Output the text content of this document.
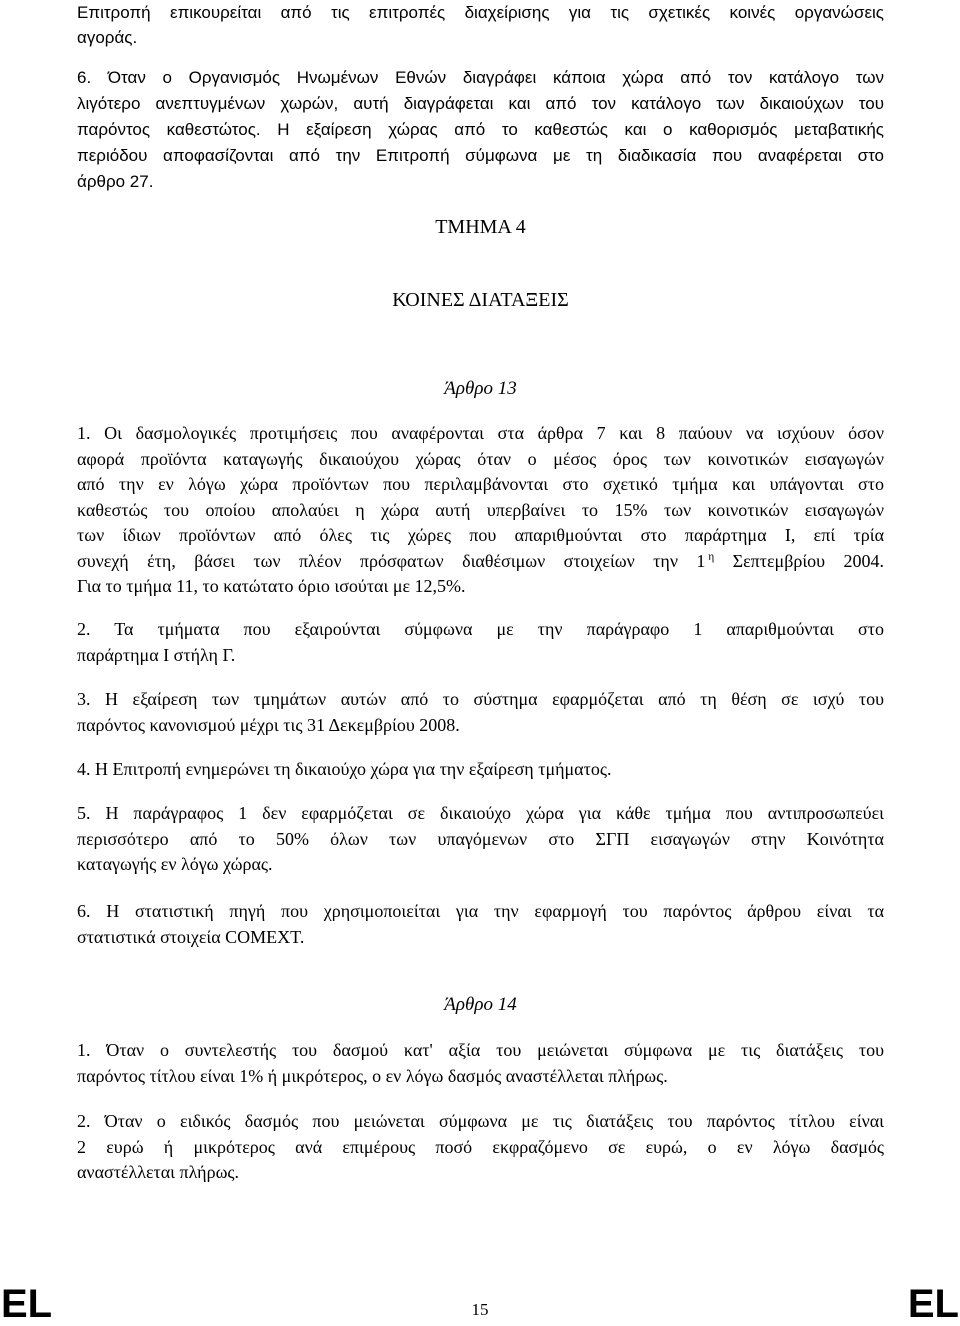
Επιτροπή επικουρείται από τις επιτροπές διαχείρισης για τις σχετικές κοινές οργανώσεις
αγοράς.
6. Όταν ο Οργανισμός Ηνωμένων Εθνών διαγράφει κάποια χώρα από τον κατάλογο των
λιγότερο ανεπτυγμένων χωρών, αυτή διαγράφεται και από τον κατάλογο των δικαιούχων του
παρόντος καθεστώτος. Η εξαίρεση χώρας από το καθεστώς και ο καθορισμός μεταβατικής
περιόδου αποφασίζονται από την Επιτροπή σύμφωνα με τη διαδικασία που αναφέρεται στο
άρθρο 27.
ΤΜΗΜΑ 4
ΚΟΙΝΕΣ ΔΙΑΤΑΞΕΙΣ
Άρθρο 13
1. Οι δασμολογικές προτιμήσεις που αναφέρονται στα άρθρα 7 και 8 παύουν να ισχύουν όσον
αφορά προϊόντα καταγωγής δικαιούχου χώρας όταν ο μέσος όρος των κοινοτικών εισαγωγών
από την εν λόγω χώρα προϊόντων που περιλαμβάνονται στο σχετικό τμήμα και υπάγονται στο
καθεστώς του οποίου απολαύει η χώρα αυτή υπερβαίνει το 15% των κοινοτικών εισαγωγών
των ίδιων προϊόντων από όλες τις χώρες που απαριθμούνται στο παράρτημα Ι, επί τρία
συνεχή έτη, βάσει των πλέον πρόσφατων διαθέσιμων στοιχείων την 1 $^\eta$ Σεπτεμβρίου 2004.
Για το τμήμα 11, το κατώτατο όριο ισούται με 12,5%.
2. Τα τμήματα που εξαιρούνται σύμφωνα με την παράγραφο 1 απαριθμούνται στο
παράρτημα Ι στήλη Γ.
3. Η εξαίρεση των τμημάτων αυτών από το σύστημα εφαρμόζεται από τη θέση σε ισχύ του
παρόντος κανονισμού μέχρι τις 31 Δεκεμβρίου 2008.
4. Η Επιτροπή ενημερώνει τη δικαιούχο χώρα για την εξαίρεση τμήματος.
5. Η παράγραφος 1 δεν εφαρμόζεται σε δικαιούχο χώρα για κάθε τμήμα που αντιπροσωπεύει
περισσότερο από το 50% όλων των υπαγόμενων στο ΣΓΠ εισαγωγών στην Κοινότητα
καταγωγής εν λόγω χώρας.
6. Η στατιστική πηγή που χρησιμοποιείται για την εφαρμογή του παρόντος άρθρου είναι τα
στατιστικά στοιχεία COMEXT.
Άρθρο 14
1. Όταν ο συντελεστής του δασμού κατ' αξία του μειώνεται σύμφωνα με τις διατάξεις του
παρόντος τίτλου είναι 1% ή μικρότερος, ο εν λόγω δασμός αναστέλλεται πλήρως.
2. Όταν ο ειδικός δασμός που μειώνεται σύμφωνα με τις διατάξεις του παρόντος τίτλου είναι
2 ευρώ ή μικρότερος ανά επιμέρους ποσό εκφραζόμενο σε ευρώ, ο εν λόγω δασμός
αναστέλλεται πλήρως.
EL	15	EL
